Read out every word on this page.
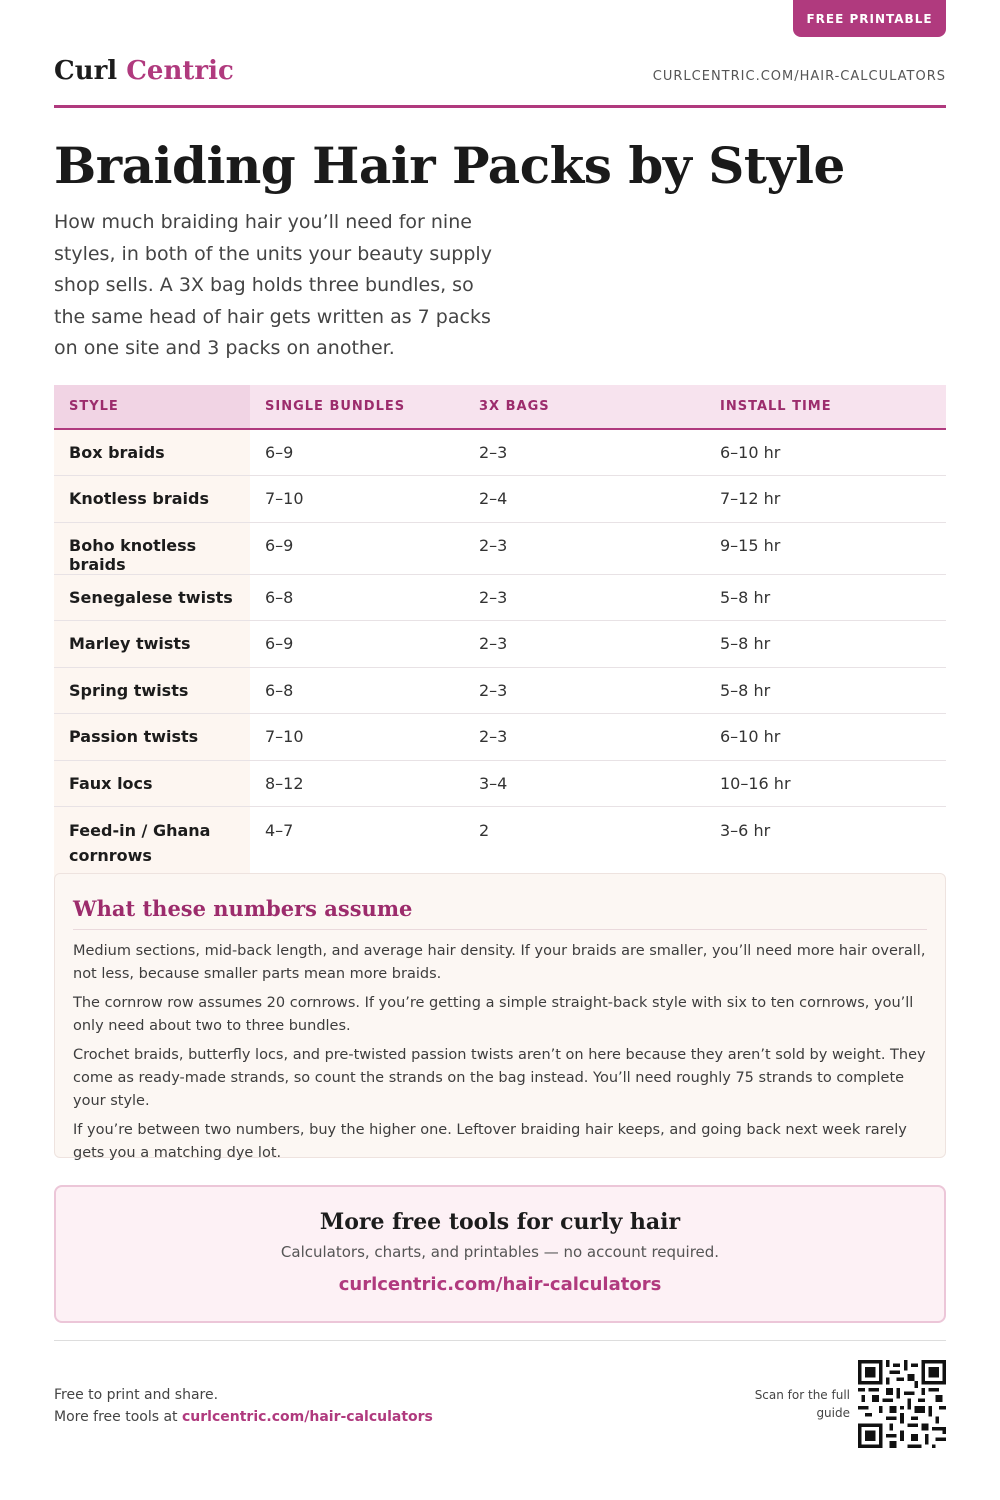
FREE PRINTABLE
Curl Centric	CURLCENTRIC.COM/HAIR-CALCULATORS
Braiding Hair Packs by Style

How much braiding hair you’ll need for nine styles, in both of the units your beauty supply shop sells. A 3X bag holds three bundles, so the same head of hair gets written as 7 packs on one site and 3 packs on another.

STYLE	SINGLE BUNDLES	3X BAGS	INSTALL TIME
Box braids	6–9	2–3	6–10 hr
Knotless braids	7–10	2–4	7–12 hr
Boho knotless braids	6–9	2–3	9–15 hr
Senegalese twists	6–8	2–3	5–8 hr
Marley twists	6–9	2–3	5–8 hr
Spring twists	6–8	2–3	5–8 hr
Passion twists	7–10	2–3	6–10 hr
Faux locs	8–12	3–4	10–16 hr
Feed-in / Ghana cornrows	4–7	2	3–6 hr
What these numbers assume

Medium sections, mid-back length, and average hair density. If your braids are smaller, you’ll need more hair overall, not less, because smaller parts mean more braids.

The cornrow row assumes 20 cornrows. If you’re getting a simple straight-back style with six to ten cornrows, you’ll only need about two to three bundles.

Crochet braids, butterfly locs, and pre-twisted passion twists aren’t on here because they aren’t sold by weight. They come as ready-made strands, so count the strands on the bag instead. You’ll need roughly 75 strands to complete your style.

If you’re between two numbers, buy the higher one. Leftover braiding hair keeps, and going back next week rarely gets you a matching dye lot.

More free tools for curly hair
Calculators, charts, and printables — no account required.
curlcentric.com/hair-calculators
Free to print and share.
More free tools at curlcentric.com/hair-calculators
Scan for the full guide
